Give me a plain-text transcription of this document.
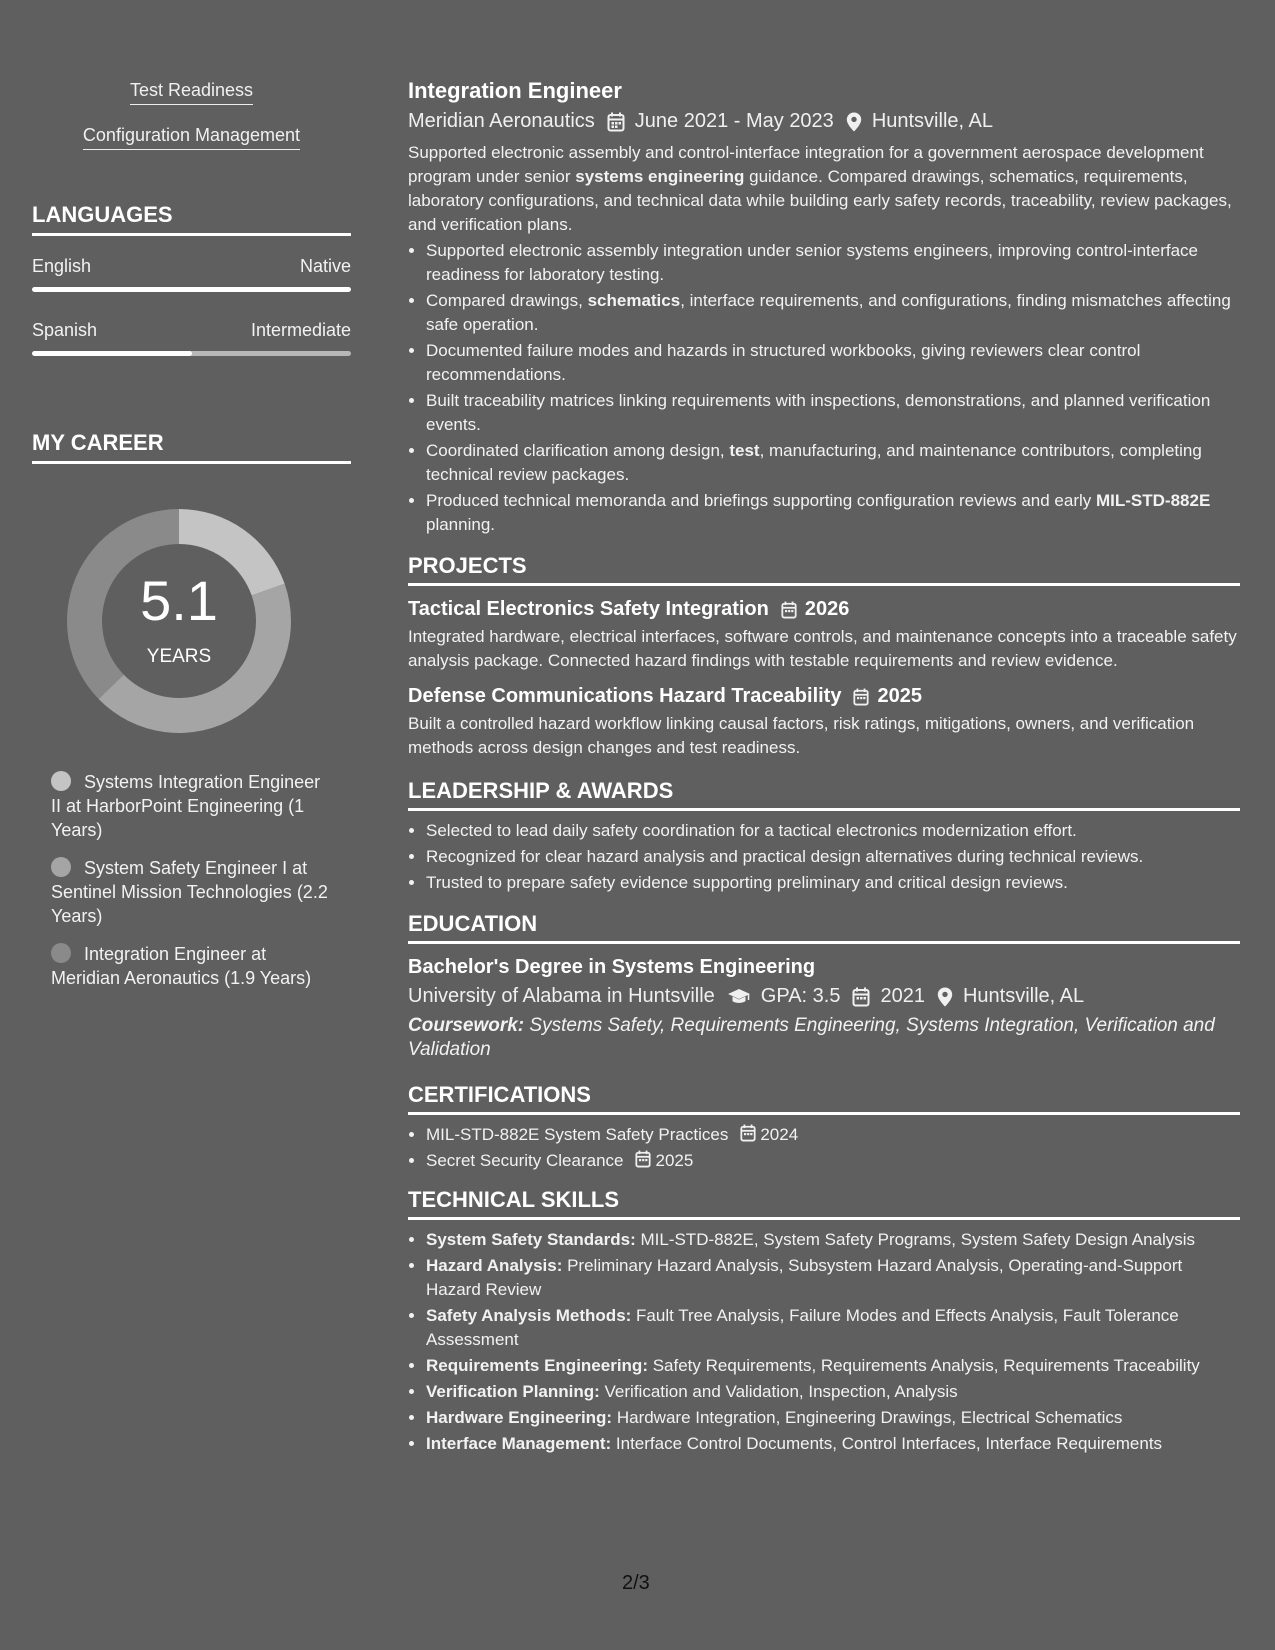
Test Readiness
Configuration Management
LANGUAGES
English	Native
Spanish	Intermediate
MY CAREER
5.1
YEARS
Systems Integration Engineer II at HarborPoint Engineering (1 Years)
System Safety Engineer I at Sentinel Mission Technologies (2.2 Years)
Integration Engineer at Meridian Aeronautics (1.9 Years)
Integration Engineer
Meridian Aeronautics June 2021 - May 2023 Huntsville, AL
Supported electronic assembly and control-interface integration for a government aerospace development program under senior systems engineering guidance. Compared drawings, schematics, requirements, laboratory configurations, and technical data while building early safety records, traceability, review packages, and verification plans.
• Supported electronic assembly integration under senior systems engineers, improving control-interface readiness for laboratory testing.
• Compared drawings, schematics, interface requirements, and configurations, finding mismatches affecting safe operation.
• Documented failure modes and hazards in structured workbooks, giving reviewers clear control recommendations.
• Built traceability matrices linking requirements with inspections, demonstrations, and planned verification events.
• Coordinated clarification among design, test, manufacturing, and maintenance contributors, completing technical review packages.
• Produced technical memoranda and briefings supporting configuration reviews and early MIL-STD-882E planning.
PROJECTS
Tactical Electronics Safety Integration 2026
Integrated hardware, electrical interfaces, software controls, and maintenance concepts into a traceable safety analysis package. Connected hazard findings with testable requirements and review evidence.
Defense Communications Hazard Traceability 2025
Built a controlled hazard workflow linking causal factors, risk ratings, mitigations, owners, and verification methods across design changes and test readiness.
LEADERSHIP & AWARDS
• Selected to lead daily safety coordination for a tactical electronics modernization effort.
• Recognized for clear hazard analysis and practical design alternatives during technical reviews.
• Trusted to prepare safety evidence supporting preliminary and critical design reviews.
EDUCATION
Bachelor's Degree in Systems Engineering
University of Alabama in Huntsville GPA: 3.5 2021 Huntsville, AL
Coursework: Systems Safety, Requirements Engineering, Systems Integration, Verification and Validation
CERTIFICATIONS
• MIL-STD-882E System Safety Practices 2024
• Secret Security Clearance 2025
TECHNICAL SKILLS
• System Safety Standards: MIL-STD-882E, System Safety Programs, System Safety Design Analysis
• Hazard Analysis: Preliminary Hazard Analysis, Subsystem Hazard Analysis, Operating-and-Support Hazard Review
• Safety Analysis Methods: Fault Tree Analysis, Failure Modes and Effects Analysis, Fault Tolerance Assessment
• Requirements Engineering: Safety Requirements, Requirements Analysis, Requirements Traceability
• Verification Planning: Verification and Validation, Inspection, Analysis
• Hardware Engineering: Hardware Integration, Engineering Drawings, Electrical Schematics
• Interface Management: Interface Control Documents, Control Interfaces, Interface Requirements
2/3
